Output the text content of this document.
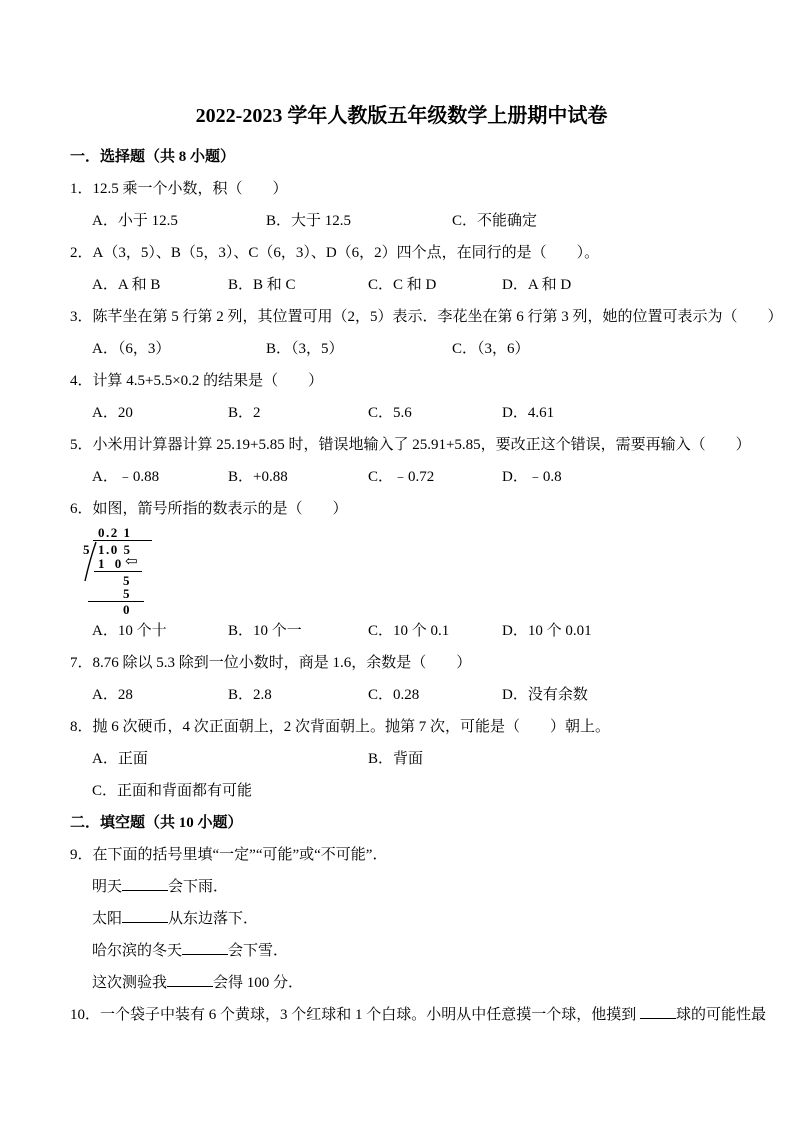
2022-2023 学年人教版五年级数学上册期中试卷
一．选择题（共 8 小题）
1．12.5 乘一个小数，积（　　）
A．小于 12.5	B．大于 12.5	C．不能确定
2．A（3，5）、B（5，3）、C（6，3）、D（6，2）四个点，在同行的是（　　）。
A．A 和 B	B．B 和 C	C．C 和 D	D．A 和 D
3．陈芊坐在第 5 行第 2 列，其位置可用（2，5）表示．李花坐在第 6 行第 3 列，她的位置可表示为（　　）
A．（6，3）	B．（3，5）	C．（3，6）
4．计算 4.5+5.5×0.2 的结果是（　　）
A．20	B．2	C．5.6	D．4.61
5．小米用计算器计算 25.19+5.85 时，错误地输入了 25.91+5.85，要改正这个错误，需要再输入（　　）
A．﹣0.88	B．+0.88	C．﹣0.72	D．﹣0.8
6．如图，箭号所指的数表示的是（　　）
0.2 1
5 1.0 5
1 0 ⇦
5
5
0
A．10 个十	B．10 个一	C．10 个 0.1	D．10 个 0.01
7．8.76 除以 5.3 除到一位小数时，商是 1.6，余数是（　　）
A．28	B．2.8	C．0.28	D．没有余数
8．抛 6 次硬币，4 次正面朝上，2 次背面朝上。抛第 7 次，可能是（　　）朝上。
A．正面	B．背面
C．正面和背面都有可能
二．填空题（共 10 小题）
9．在下面的括号里填“一定”“可能”或“不可能”．
明天	会下雨．
太阳	从东边落下．
哈尔滨的冬天	会下雪．
这次测验我	会得 100 分．
10．一个袋子中装有 6 个黄球，3 个红球和 1 个白球。小明从中任意摸一个球，他摸到 球的可能性最
